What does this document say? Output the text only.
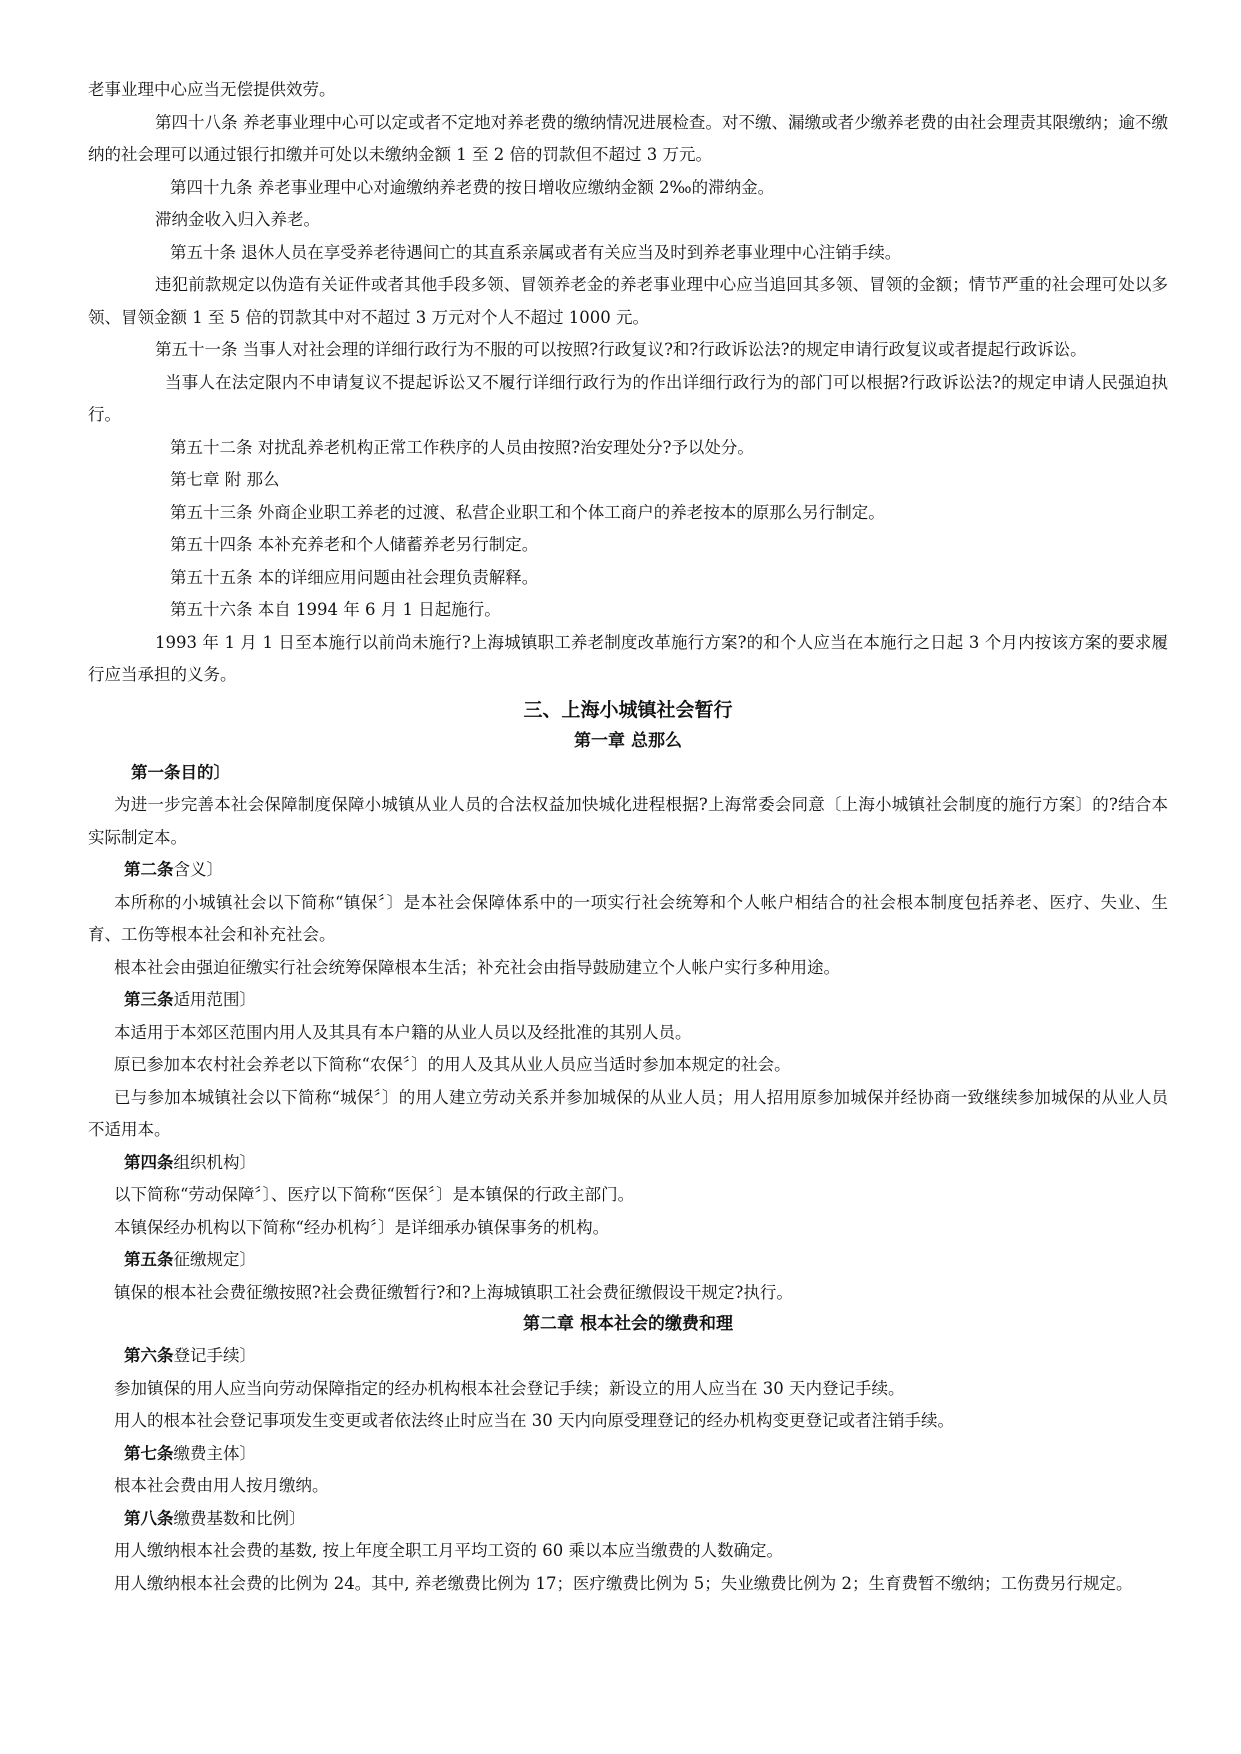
老事业理中心应当无偿提供效劳。

第四十八条 养老事业理中心可以定或者不定地对养老费的缴纳情况进展检查。对不缴、漏缴或者少缴养老费的由社会理责其限缴纳；逾不缴纳的社会理可以通过银行扣缴并可处以未缴纳金额 1 至 2 倍的罚款但不超过 3 万元。

第四十九条 养老事业理中心对逾缴纳养老费的按日增收应缴纳金额 2‰的滞纳金。

滞纳金收入归入养老。

第五十条 退休人员在享受养老待遇间亡的其直系亲属或者有关应当及时到养老事业理中心注销手续。

违犯前款规定以伪造有关证件或者其他手段多领、冒领养老金的养老事业理中心应当追回其多领、冒领的金额；情节严重的社会理可处以多领、冒领金额 1 至 5 倍的罚款其中对不超过 3 万元对个人不超过 1000 元。

第五十一条 当事人对社会理的详细行政行为不服的可以按照?行政复议?和?行政诉讼法?的规定申请行政复议或者提起行政诉讼。

当事人在法定限内不申请复议不提起诉讼又不履行详细行政行为的作出详细行政行为的部门可以根据?行政诉讼法?的规定申请人民强迫执行。

第五十二条 对扰乱养老机构正常工作秩序的人员由按照?治安理处分?予以处分。

第七章 附 那么

第五十三条 外商企业职工养老的过渡、私营企业职工和个体工商户的养老按本的原那么另行制定。

第五十四条 本补充养老和个人储蓄养老另行制定。

第五十五条 本的详细应用问题由社会理负责解释。

第五十六条 本自 1994 年 6 月 1 日起施行。

1993 年 1 月 1 日至本施行以前尚未施行?上海城镇职工养老制度改革施行方案?的和个人应当在本施行之日起 3 个月内按该方案的要求履行应当承担的义务。

三、上海小城镇社会暂行

第一章 总那么

第一条目的〕

为进一步完善本社会保障制度保障小城镇从业人员的合法权益加快城化进程根据?上海常委会同意〔上海小城镇社会制度的施行方案〕的?结合本实际制定本。

第二条含义〕

本所称的小城镇社会以下简称“镇保〞〕是本社会保障体系中的一项实行社会统筹和个人帐户相结合的社会根本制度包括养老、医疗、失业、生育、工伤等根本社会和补充社会。

根本社会由强迫征缴实行社会统筹保障根本生活；补充社会由指导鼓励建立个人帐户实行多种用途。

第三条适用范围〕

本适用于本郊区范围内用人及其具有本户籍的从业人员以及经批准的其别人员。

原已参加本农村社会养老以下简称“农保〞〕的用人及其从业人员应当适时参加本规定的社会。

已与参加本城镇社会以下简称“城保〞〕的用人建立劳动关系并参加城保的从业人员；用人招用原参加城保并经协商一致继续参加城保的从业人员不适用本。

第四条组织机构〕

以下简称“劳动保障〞〕、医疗以下简称“医保〞〕是本镇保的行政主部门。

本镇保经办机构以下简称“经办机构〞〕是详细承办镇保事务的机构。

第五条征缴规定〕

镇保的根本社会费征缴按照?社会费征缴暂行?和?上海城镇职工社会费征缴假设干规定?执行。

第二章 根本社会的缴费和理

第六条登记手续〕

参加镇保的用人应当向劳动保障指定的经办机构根本社会登记手续；新设立的用人应当在 30 天内登记手续。

用人的根本社会登记事项发生变更或者依法终止时应当在 30 天内向原受理登记的经办机构变更登记或者注销手续。

第七条缴费主体〕

根本社会费由用人按月缴纳。

第八条缴费基数和比例〕

用人缴纳根本社会费的基数, 按上年度全职工月平均工资的 60 乘以本应当缴费的人数确定。

用人缴纳根本社会费的比例为 24。其中, 养老缴费比例为 17；医疗缴费比例为 5；失业缴费比例为 2；生育费暂不缴纳；工伤费另行规定。
